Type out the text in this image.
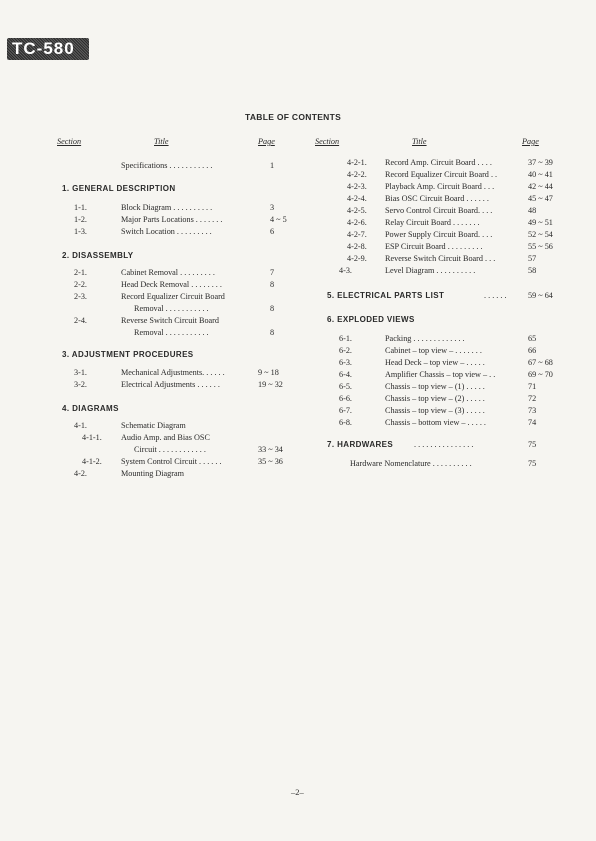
TC-580
TABLE OF CONTENTS
Section	Title	Page	Section	Title	Page
Specifications . . . . . . . . . . .	1
1. GENERAL DESCRIPTION
1-1.	Block Diagram . . . . . . . . . .	3
1-2.	Major Parts Locations . . . . . . .	4 ~ 5
1-3.	Switch Location . . . . . . . . .	6
2. DISASSEMBLY
2-1.	Cabinet Removal . . . . . . . . .	7
2-2.	Head Deck Removal . . . . . . . .	8
2-3.	Record Equalizer Circuit Board
Removal . . . . . . . . . . .	8
2-4.	Reverse Switch Circuit Board
Removal . . . . . . . . . . .	8
3. ADJUSTMENT PROCEDURES
3-1.	Mechanical Adjustments. . . . . .	9 ~ 18
3-2.	Electrical Adjustments . . . . . .	19 ~ 32
4. DIAGRAMS
4-1.	Schematic Diagram
4-1-1. Audio Amp. and Bias OSC
Circuit . . . . . . . . . . . .	33 ~ 34
4-1-2. System Control Circuit . . . . . .	35 ~ 36
4-2.	Mounting Diagram
4-2-1. Record Amp. Circuit Board . . . .	37 ~ 39
4-2-2. Record Equalizer Circuit Board . .	40 ~ 41
4-2-3. Playback Amp. Circuit Board . . .	42 ~ 44
4-2-4. Bias OSC Circuit Board . . . . . .	45 ~ 47
4-2-5. Servo Control Circuit Board. . . .	48
4-2-6. Relay Circuit Board . . . . . . .	49 ~ 51
4-2-7. Power Supply Circuit Board. . . .	52 ~ 54
4-2-8. ESP Circuit Board . . . . . . . . .	55 ~ 56
4-2-9. Reverse Switch Circuit Board . . .	57
4-3.	Level Diagram . . . . . . . . . .	58
5. ELECTRICAL PARTS LIST	. . . . . .	59 ~ 64
6. EXPLODED VIEWS
6-1.	Packing . . . . . . . . . . . . .	65
6-2.	Cabinet – top view – . . . . . . .	66
6-3.	Head Deck – top view – . . . . .	67 ~ 68
6-4.	Amplifier Chassis – top view – . .	69 ~ 70
6-5.	Chassis – top view – (1) . . . . .	71
6-6.	Chassis – top view – (2) . . . . .	72
6-7.	Chassis – top view – (3) . . . . .	73
6-8.	Chassis – bottom view – . . . . .	74
7. HARDWARES	. . . . . . . . . . . . . . .	75
Hardware Nomenclature . . . . . . . . . .	75
–2–
